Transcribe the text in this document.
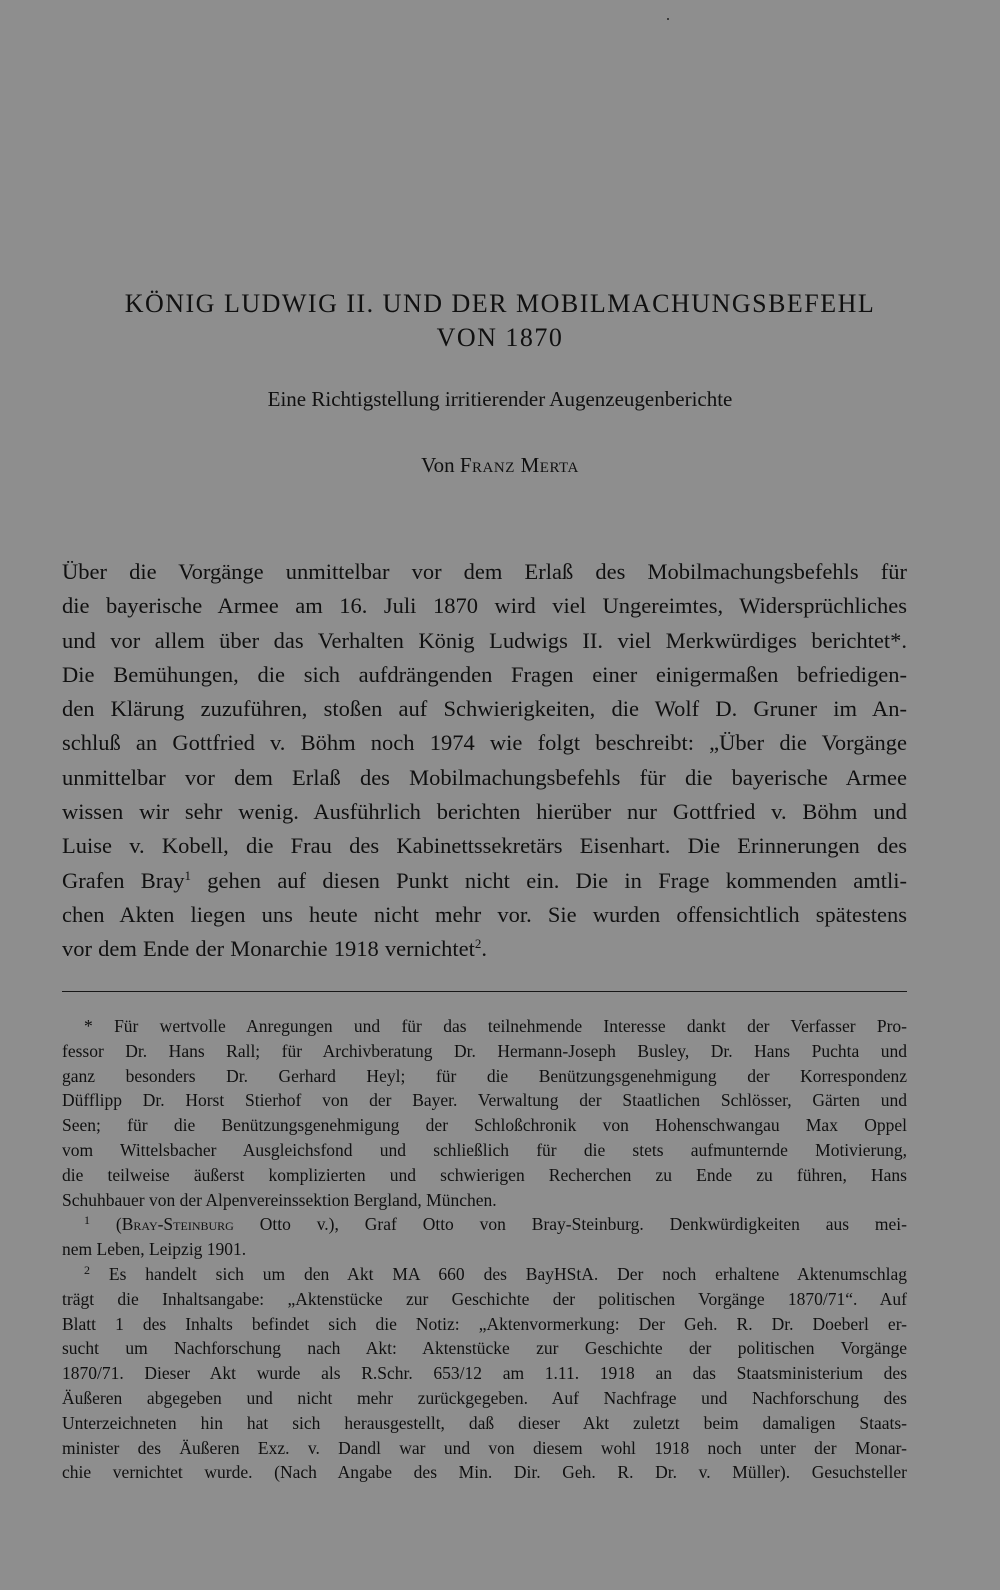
KÖNIG LUDWIG II. UND DER MOBILMACHUNGSBEFEHL
VON 1870

Eine Richtigstellung irritierender Augenzeugenberichte

Von Franz Merta

Über die Vorgänge unmittelbar vor dem Erlaß des Mobilmachungsbefehls für
die bayerische Armee am 16. Juli 1870 wird viel Ungereimtes, Widersprüchliches
und vor allem über das Verhalten König Ludwigs II. viel Merkwürdiges berichtet*.
Die Bemühungen, die sich aufdrängenden Fragen einer einigermaßen befriedigen-
den Klärung zuzuführen, stoßen auf Schwierigkeiten, die Wolf D. Gruner im An-
schluß an Gottfried v. Böhm noch 1974 wie folgt beschreibt: „Über die Vorgänge
unmittelbar vor dem Erlaß des Mobilmachungsbefehls für die bayerische Armee
wissen wir sehr wenig. Ausführlich berichten hierüber nur Gottfried v. Böhm und
Luise v. Kobell, die Frau des Kabinettssekretärs Eisenhart. Die Erinnerungen des
Grafen Bray$^1$ gehen auf diesen Punkt nicht ein. Die in Frage kommenden amtli-
chen Akten liegen uns heute nicht mehr vor. Sie wurden offensichtlich spätestens
vor dem Ende der Monarchie 1918 vernichtet$^2$.

* Für wertvolle Anregungen und für das teilnehmende Interesse dankt der Verfasser Pro-
fessor Dr. Hans Rall; für Archivberatung Dr. Hermann-Joseph Busley, Dr. Hans Puchta und
ganz besonders Dr. Gerhard Heyl; für die Benützungsgenehmigung der Korrespondenz
Düfflipp Dr. Horst Stierhof von der Bayer. Verwaltung der Staatlichen Schlösser, Gärten und
Seen; für die Benützungsgenehmigung der Schloßchronik von Hohenschwangau Max Oppel
vom Wittelsbacher Ausgleichsfond und schließlich für die stets aufmunternde Motivierung,
die teilweise äußerst komplizierten und schwierigen Recherchen zu Ende zu führen, Hans
Schuhbauer von der Alpenvereinssektion Bergland, München.
$^1$ (Bray-Steinburg Otto v.), Graf Otto von Bray-Steinburg. Denkwürdigkeiten aus mei-
nem Leben, Leipzig 1901.
$^2$ Es handelt sich um den Akt MA 660 des BayHStA. Der noch erhaltene Aktenumschlag
trägt die Inhaltsangabe: „Aktenstücke zur Geschichte der politischen Vorgänge 1870/71“. Auf
Blatt 1 des Inhalts befindet sich die Notiz: „Aktenvormerkung: Der Geh. R. Dr. Doeberl er-
sucht um Nachforschung nach Akt: Aktenstücke zur Geschichte der politischen Vorgänge
1870/71. Dieser Akt wurde als R.Schr. 653/12 am 1.11. 1918 an das Staatsministerium des
Äußeren abgegeben und nicht mehr zurückgegeben. Auf Nachfrage und Nachforschung des
Unterzeichneten hin hat sich herausgestellt, daß dieser Akt zuletzt beim damaligen Staats-
minister des Äußeren Exz. v. Dandl war und von diesem wohl 1918 noch unter der Monar-
chie vernichtet wurde. (Nach Angabe des Min. Dir. Geh. R. Dr. v. Müller). Gesuchsteller
